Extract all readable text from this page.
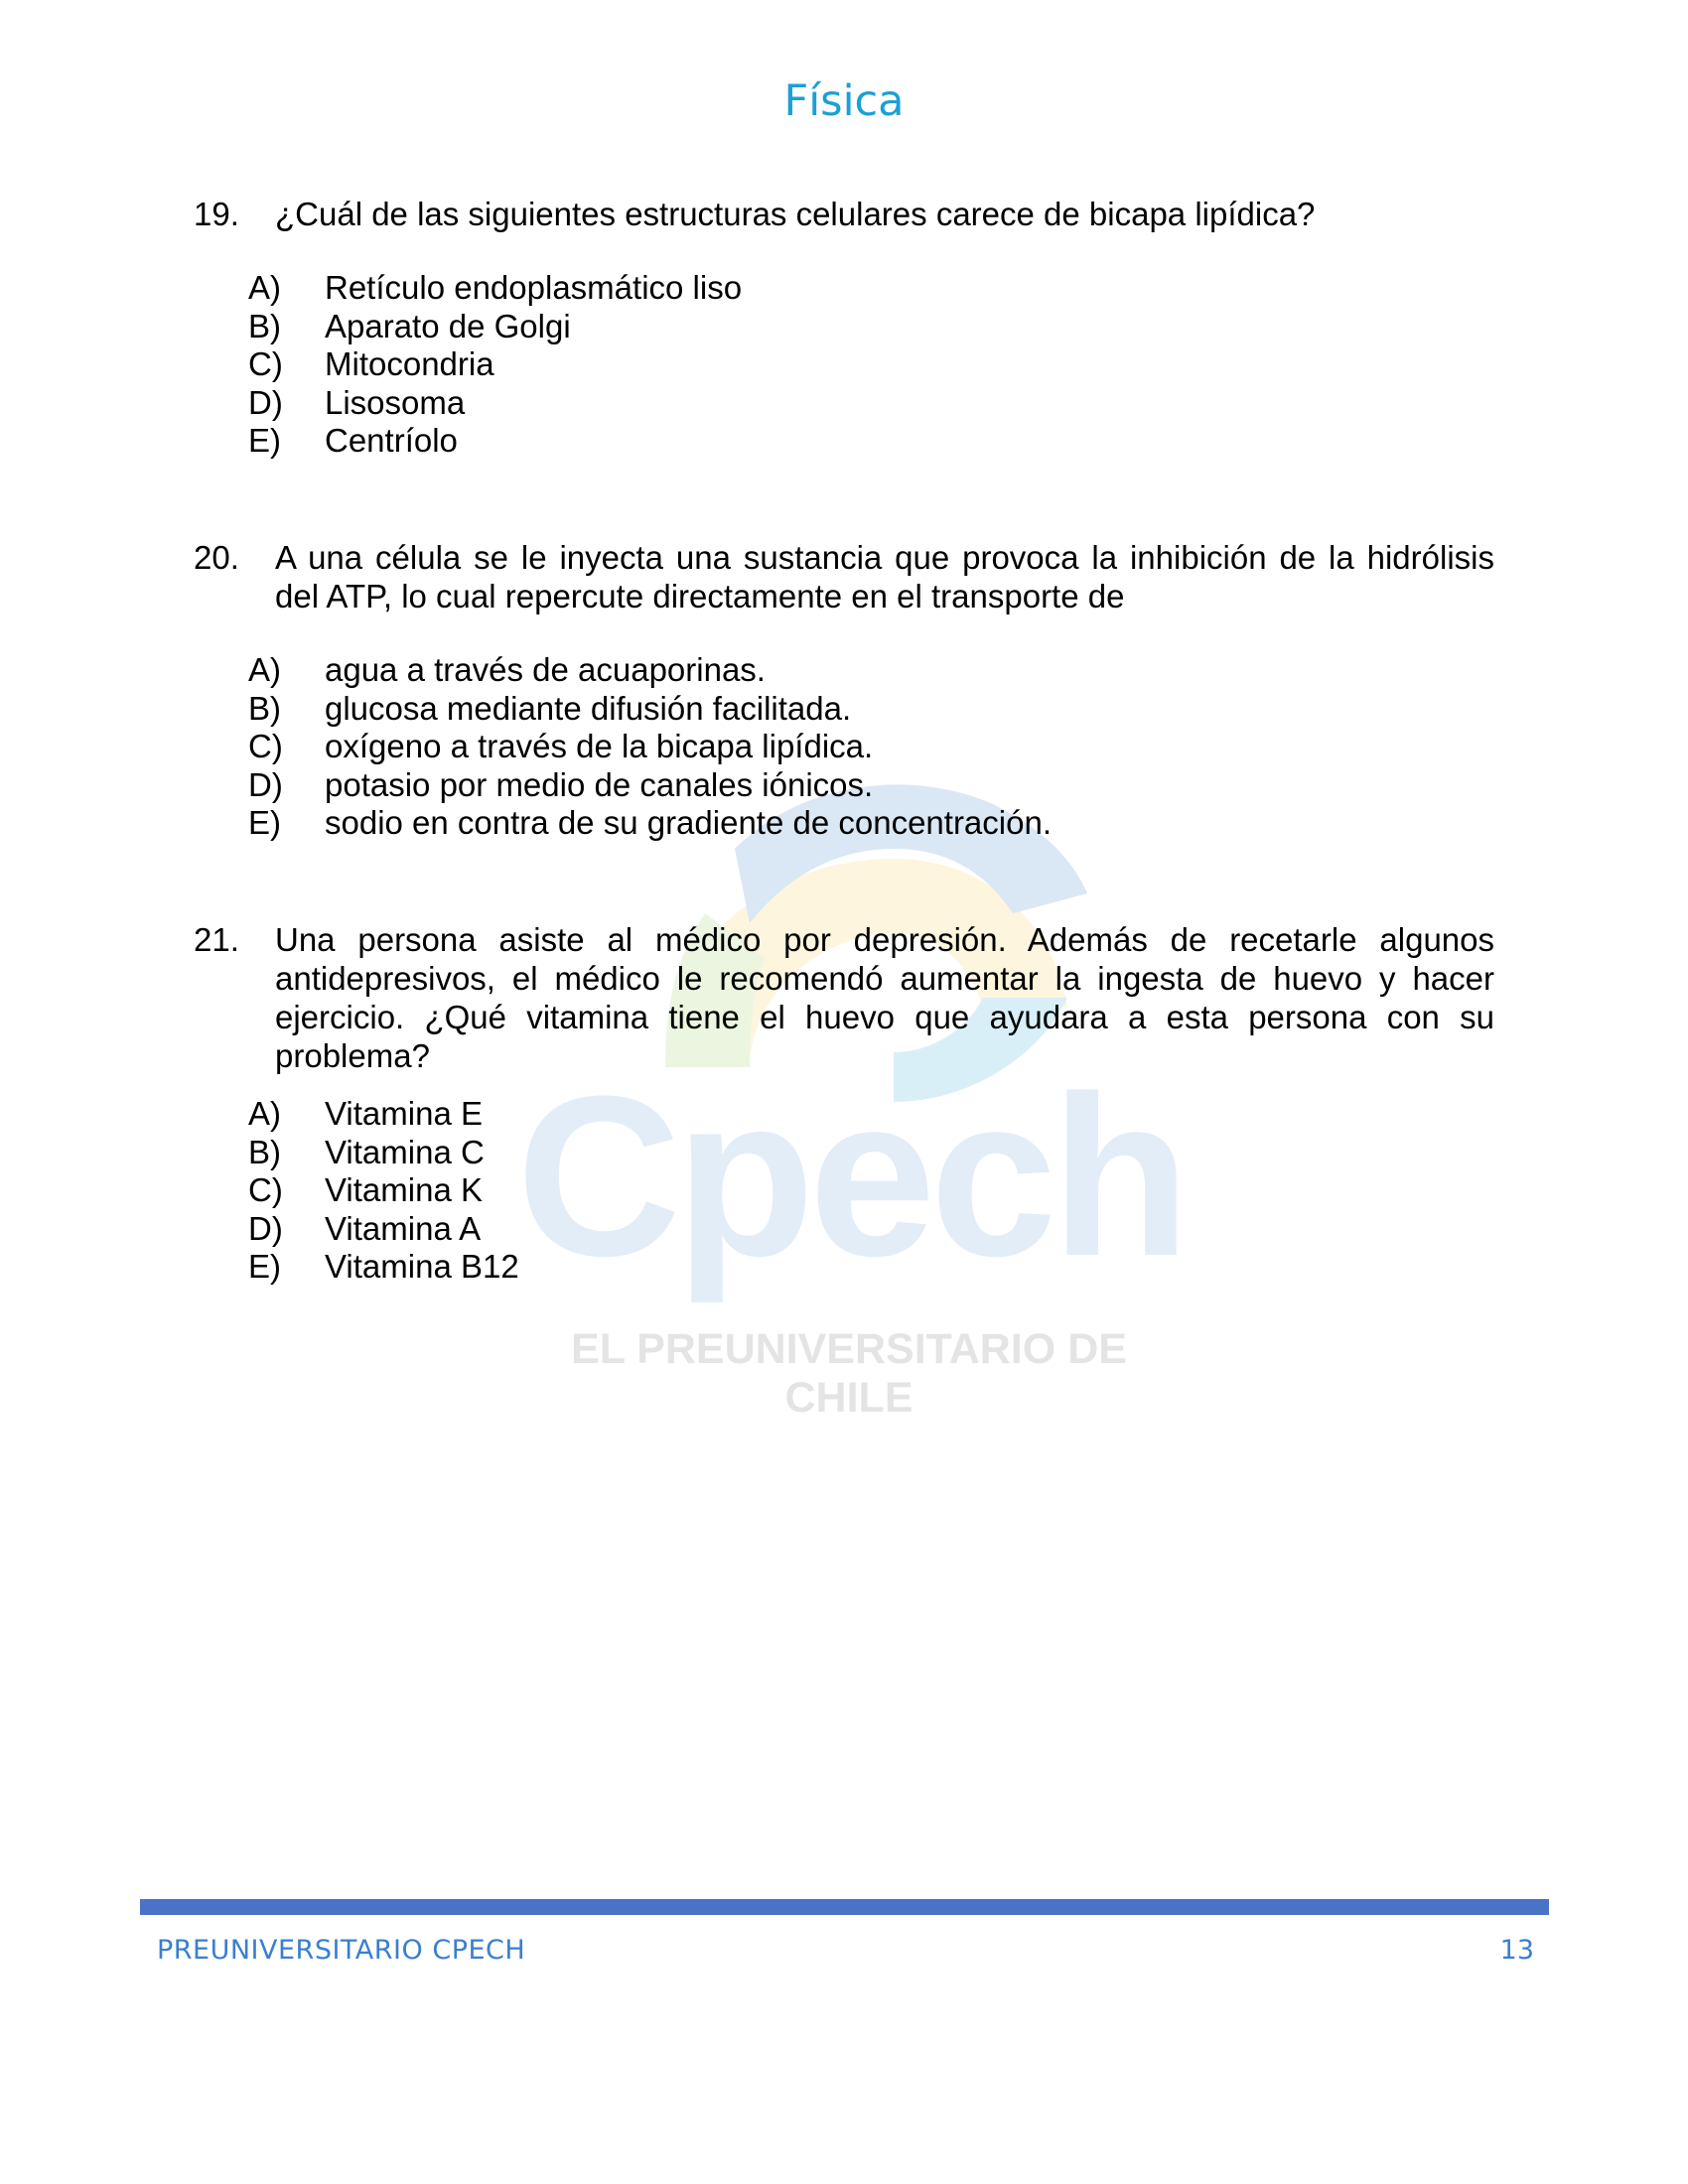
Física
Cpech
EL PREUNIVERSITARIO DE CHILE
19.	¿Cuál de las siguientes estructuras celulares carece de bicapa lipídica?
A)	Retículo endoplasmático liso
B)	Aparato de Golgi
C)	Mitocondria
D)	Lisosoma
E)	Centríolo
20.	A una célula se le inyecta una sustancia que provoca la inhibición de la hidrólisis del ATP, lo cual repercute directamente en el transporte de
A)	agua a través de acuaporinas.
B)	glucosa mediante difusión facilitada.
C)	oxígeno a través de la bicapa lipídica.
D)	potasio por medio de canales iónicos.
E)	sodio en contra de su gradiente de concentración.
21.	Una persona asiste al médico por depresión. Además de recetarle algunos antidepresivos, el médico le recomendó aumentar la ingesta de huevo y hacer ejercicio. ¿Qué vitamina tiene el huevo que ayudara a esta persona con su problema?
A)	Vitamina E
B)	Vitamina C
C)	Vitamina K
D)	Vitamina A
E)	Vitamina B12
PREUNIVERSITARIO CPECH	13
